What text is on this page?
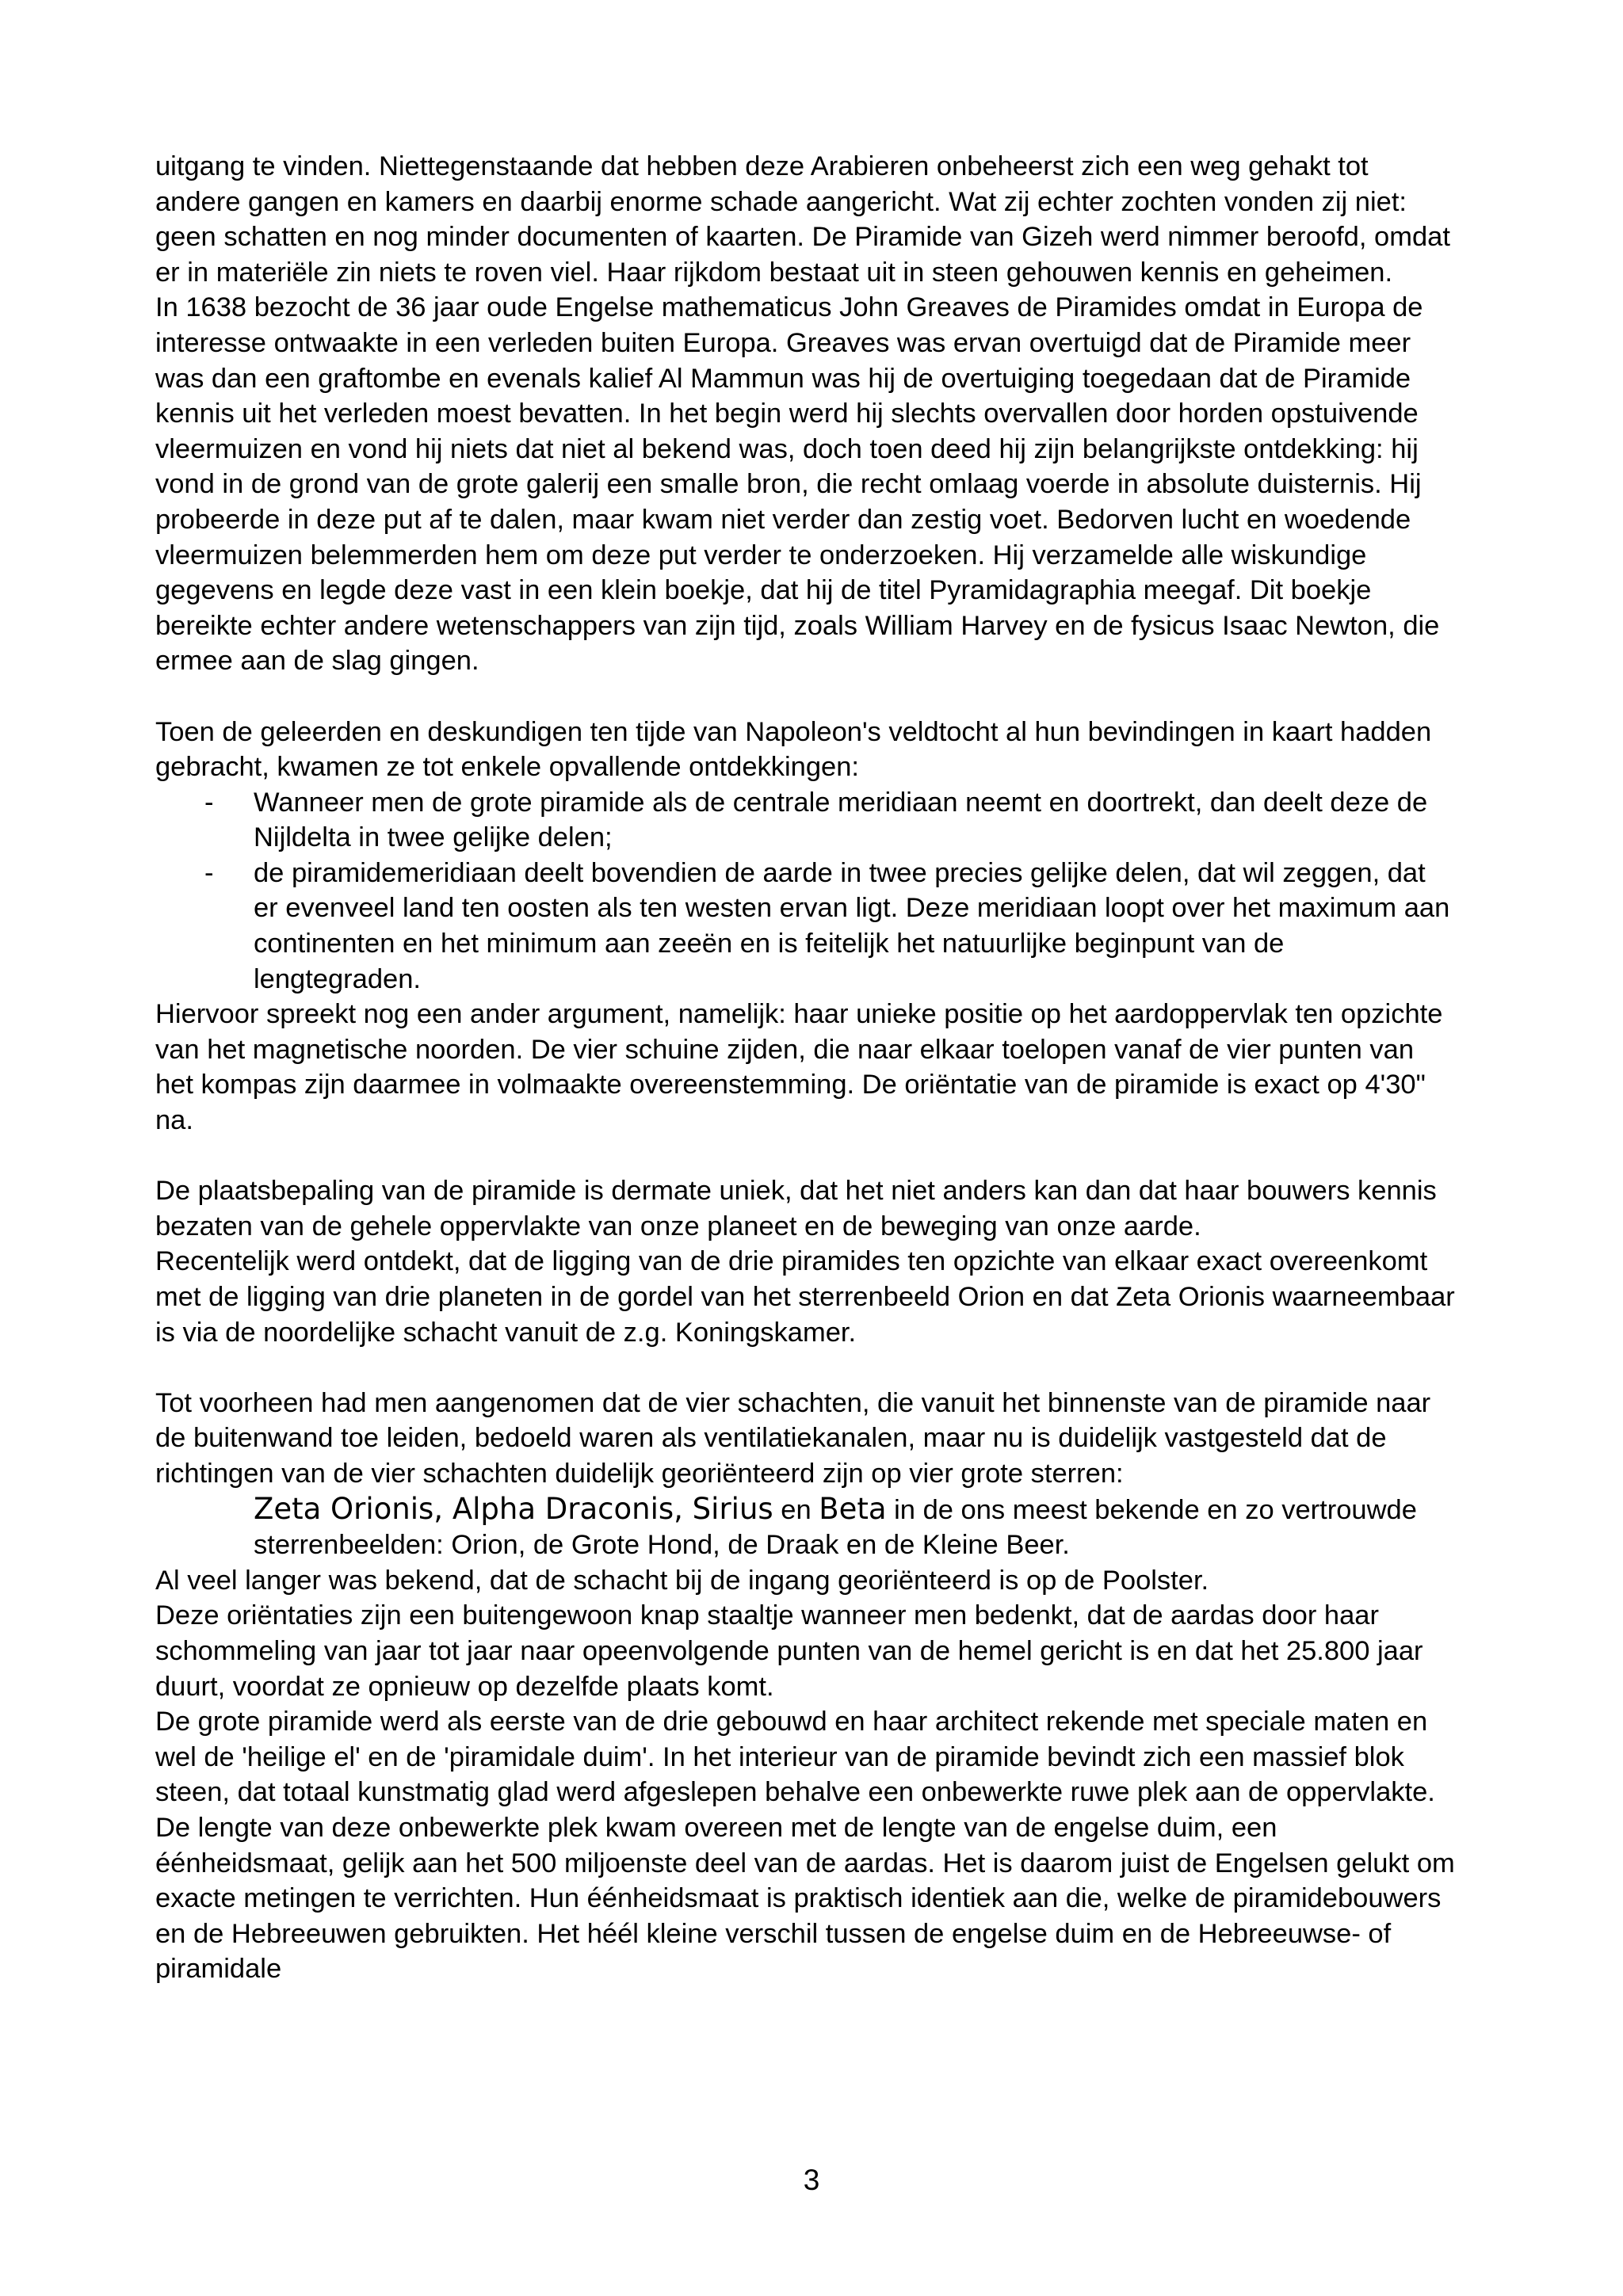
uitgang te vinden. Niettegenstaande dat hebben deze Arabieren onbeheerst zich een weg gehakt tot andere gangen en kamers en daarbij enorme schade aangericht. Wat zij echter zochten vonden zij niet: geen schatten en nog minder documenten of kaarten. De Piramide van Gizeh werd nimmer beroofd, omdat er in materiële zin niets te roven viel. Haar rijkdom bestaat uit in steen gehouwen kennis en geheimen.

In 1638 bezocht de 36 jaar oude Engelse mathematicus John Greaves de Piramides omdat in Europa de interesse ontwaakte in een verleden buiten Europa. Greaves was ervan overtuigd dat de Piramide meer was dan een graftombe en evenals kalief Al Mammun was hij de overtuiging toegedaan dat de Piramide kennis uit het verleden moest bevatten. In het begin werd hij slechts overvallen door horden opstuivende vleermuizen en vond hij niets dat niet al bekend was, doch toen deed hij zijn belangrijkste ontdekking: hij vond in de grond van de grote galerij een smalle bron, die recht omlaag voerde in absolute duisternis. Hij probeerde in deze put af te dalen, maar kwam niet verder dan zestig voet. Bedorven lucht en woedende vleermuizen belemmerden hem om deze put verder te onderzoeken. Hij verzamelde alle wiskundige gegevens en legde deze vast in een klein boekje, dat hij de titel Pyramidagraphia meegaf. Dit boekje bereikte echter andere wetenschappers van zijn tijd, zoals William Harvey en de fysicus Isaac Newton, die ermee aan de slag gingen.

Toen de geleerden en deskundigen ten tijde van Napoleon's veldtocht al hun bevindingen in kaart hadden gebracht, kwamen ze tot enkele opvallende ontdekkingen:

- Wanneer men de grote piramide als de centrale meridiaan neemt en doortrekt, dan deelt deze de Nijldelta in twee gelijke delen;

- de piramidemeridiaan deelt bovendien de aarde in twee precies gelijke delen, dat wil zeggen, dat er evenveel land ten oosten als ten westen ervan ligt. Deze meridiaan loopt over het maximum aan continenten en het minimum aan zeeën en is feitelijk het natuurlijke beginpunt van de lengtegraden.

Hiervoor spreekt nog een ander argument, namelijk: haar unieke positie op het aardoppervlak ten opzichte van het magnetische noorden. De vier schuine zijden, die naar elkaar toelopen vanaf de vier punten van het kompas zijn daarmee in volmaakte overeenstemming. De oriëntatie van de piramide is exact op 4'30" na.

De plaatsbepaling van de piramide is dermate uniek, dat het niet anders kan dan dat haar bouwers kennis bezaten van de gehele oppervlakte van onze planeet en de beweging van onze aarde.

Recentelijk werd ontdekt, dat de ligging van de drie piramides ten opzichte van elkaar exact overeenkomt met de ligging van drie planeten in de gordel van het sterrenbeeld Orion en dat Zeta Orionis waarneembaar is via de noordelijke schacht vanuit de z.g. Koningskamer.

Tot voorheen had men aangenomen dat de vier schachten, die vanuit het binnenste van de piramide naar de buitenwand toe leiden, bedoeld waren als ventilatiekanalen, maar nu is duidelijk vastgesteld dat de richtingen van de vier schachten duidelijk georiënteerd zijn op vier grote sterren:

Zeta Orionis, Alpha Draconis, Sirius en Beta in de ons meest bekende en zo vertrouwde sterrenbeelden: Orion, de Grote Hond, de Draak en de Kleine Beer.

Al veel langer was bekend, dat de schacht bij de ingang georiënteerd is op de Poolster.

Deze oriëntaties zijn een buitengewoon knap staaltje wanneer men bedenkt, dat de aardas door haar schommeling van jaar tot jaar naar opeenvolgende punten van de hemel gericht is en dat het 25.800 jaar duurt, voordat ze opnieuw op dezelfde plaats komt.

De grote piramide werd als eerste van de drie gebouwd en haar architect rekende met speciale maten en wel de 'heilige el' en de 'piramidale duim'. In het interieur van de piramide bevindt zich een massief blok steen, dat totaal kunstmatig glad werd afgeslepen behalve een onbewerkte ruwe plek aan de oppervlakte. De lengte van deze onbewerkte plek kwam overeen met de lengte van de engelse duim, een éénheidsmaat, gelijk aan het 500 miljoenste deel van de aardas. Het is daarom juist de Engelsen gelukt om exacte metingen te verrichten. Hun éénheidsmaat is praktisch identiek aan die, welke de piramidebouwers en de Hebreeuwen gebruikten. Het héél kleine verschil tussen de engelse duim en de Hebreeuwse- of piramidale

3
